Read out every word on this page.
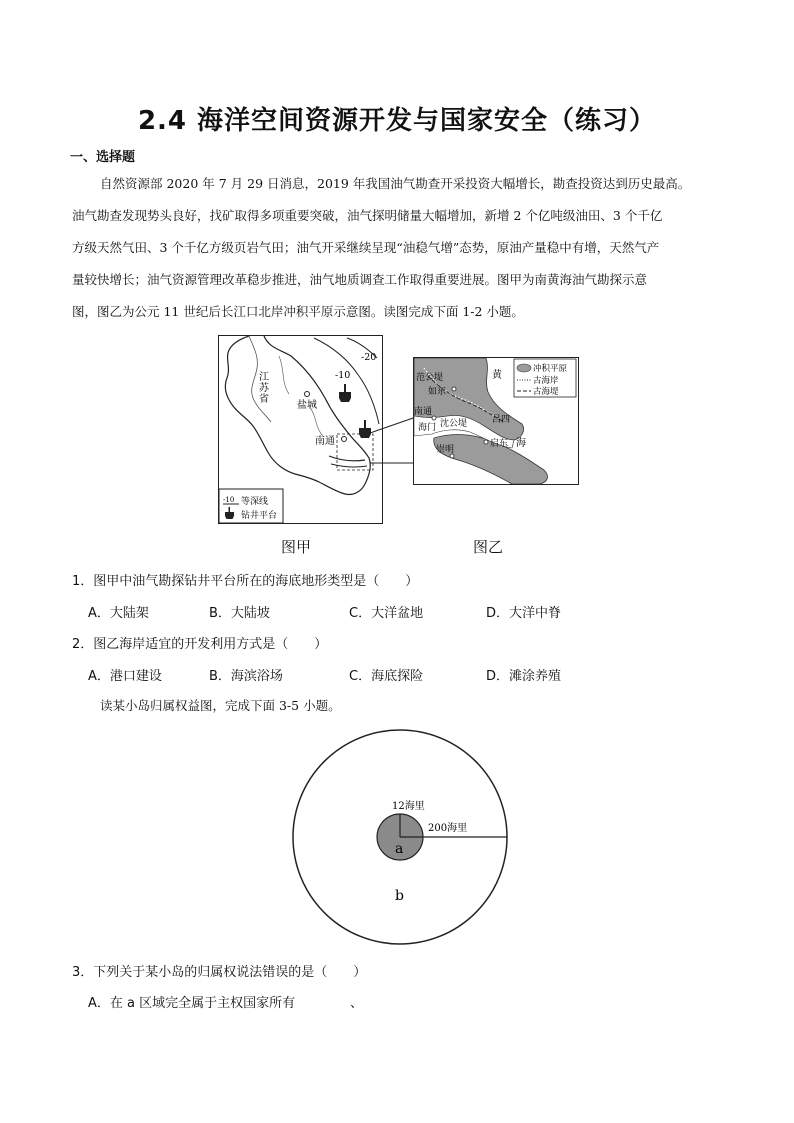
2.4 海洋空间资源开发与国家安全（练习）
一、选择题
自然资源部 2020 年 7 月 29 日消息，2019 年我国油气勘查开采投资大幅增长，勘查投资达到历史最高。
油气勘查发现势头良好，找矿取得多项重要突破，油气探明储量大幅增加，新增 2 个亿吨级油田、3 个千亿
方级天然气田、3 个千亿方级页岩气田；油气开采继续呈现“油稳气增”态势，原油产量稳中有增，天然气产
量较快增长；油气资源管理改革稳步推进，油气地质调查工作取得重要进展。图甲为南黄海油气勘探示意
图，图乙为公元 11 世纪后长江口北岸冲积平原示意图。读图完成下面 1-2 小题。
江
苏
省
-20
-10
盐城
南通
-10 等深线
钻井平台
范公堤
如东
黄
南通
海门 沈公堤	吕四
启东 海
崇明
冲积平原
古海岸
古海堤
图甲	图乙
1．图甲中油气勘探钻井平台所在的海底地形类型是（　　）
A．大陆架	B．大陆坡	C．大洋盆地	D．大洋中脊
2．图乙海岸适宜的开发利用方式是（　　）
A．港口建设	B．海滨浴场	C．海底探险	D．滩涂养殖
读某小岛归属权益图，完成下面 3-5 小题。
12海里
200海里
a
b
3．下列关于某小岛的归属权说法错误的是（　　）
A．在 a 区域完全属于主权国家所有	、
